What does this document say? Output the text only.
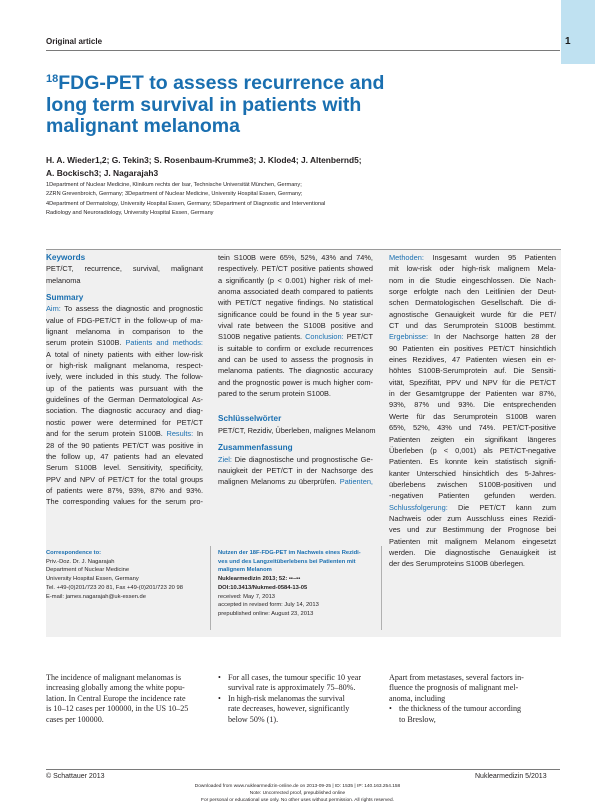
1
Original article
$^{18}$FDG-PET to assess recurrence and
long term survival in patients with
malignant melanoma
H. A. Wieder1,2; G. Tekin3; S. Rosenbaum-Krumme3; J. Klode4; J. Altenbernd5;
A. Bockisch3; J. Nagarajah3
1Department of Nuclear Medicine, Klinikum rechts der Isar, Technische Universität München, Germany;
2ZRN Grevenbroich, Germany; 3Department of Nuclear Medicine, University Hospital Essen, Germany;
4Department of Dermatology, University Hospital Essen, Germany; 5Department of Diagnostic and Interventional
Radiology and Neuroradiology, University Hospital Essen, Germany
Keywords

PET/CT, recurrence, survival, malignant

melanoma

Summary

Aim: To assess the diagnostic and prognostic

value of FDG-PET/CT in the follow-up of ma-

lignant melanoma in comparison to the

serum protein S100B. Patients and methods:

A total of ninety patients with either low-risk

or high-risk malignant melanoma, respect-

ively, were included in this study. The follow-

up of the patients was pursuant with the

guidelines of the German Dermatological As-

sociation. The diagnostic accuracy and diag-

nostic power were determined for PET/CT

and for the serum protein S100B. Results: In

28 of the 90 patients PET/CT was positive in

the follow up, 47 patients had an elevated

Serum S100B level. Sensitivity, specificity,

PPV and NPV of PET/CT for the total groups

of patients were 87%, 93%, 87% and 93%.

The corresponding values for the serum pro-

tein S100B were 65%, 52%, 43% and 74%,

respectively. PET/CT positive patients showed

a significantly (p < 0.001) higher risk of mel-

anoma associated death compared to patients

with PET/CT negative findings. No statistical

significance could be found in the 5 year sur-

vival rate between the S100B positive and

S100B negative patients. Conclusion: PET/CT

is suitable to confirm or exclude recurrences

and can be used to assess the prognosis in

melanoma patients. The diagnostic accuracy

and the prognostic power is much higher com-

pared to the serum protein S100B.

Schlüsselwörter

PET/CT, Rezidiv, Überleben, malignes Melanom

Zusammenfassung

Ziel: Die diagnostische und prognostische Ge-

nauigkeit der PET/CT in der Nachsorge des

malignen Melanoms zu überprüfen. Patienten,

Methoden: Insgesamt wurden 95 Patienten

mit low-risk oder high-risk malignem Mela-

nom in die Studie eingeschlossen. Die Nach-

sorge erfolgte nach den Leitlinien der Deut-

schen Dermatologischen Gesellschaft. Die di-

agnostische Genauigkeit wurde für die PET/

CT und das Serumprotein S100B bestimmt.

Ergebnisse: In der Nachsorge hatten 28 der

90 Patienten ein positives PET/CT hinsichtlich

eines Rezidives, 47 Patienten wiesen ein er-

höhtes S100B-Serumprotein auf. Die Sensiti-

vität, Spezifität, PPV und NPV für die PET/CT

in der Gesamtgruppe der Patienten war 87%,

93%, 87% und 93%. Die entsprechenden

Werte für das Serumprotein S100B waren

65%, 52%, 43% und 74%. PET/CT-positive

Patienten zeigten ein signifikant längeres

Überleben (p < 0,001) als PET/CT-negative

Patienten. Es konnte kein statistisch signifi-

kanter Unterschied hinsichtlich des 5-Jahres-

überlebens zwischen S100B-positiven und

-negativen Patienten gefunden werden.

Schlussfolgerung: Die PET/CT kann zum

Nachweis oder zum Ausschluss eines Rezidi-

ves und zur Bestimmung der Prognose bei

Patienten mit malignem Melanom eingesetzt

werden. Die diagnostische Genauigkeit ist

der des Serumproteins S100B überlegen.

Correspondence to:
Priv.-Doz. Dr. J. Nagarajah
Department of Nuclear Medicine
University Hospital Essen, Germany
Tel. +49-(0)201/723 20 81, Fax +49-(0)201/723 20 98
E-mail: james.nagarajah@uk-essen.de
Nutzen der 18F-FDG-PET im Nachweis eines Rezidi-
ves und des Langzeitüberlebens bei Patienten mit
malignem Melanom
Nuklearmedizin 2013; 52: ••–••
DOI:10.3413/Nukmed-0584-13-05
received: May 7, 2013
accepted in revised form: July 14, 2013
prepublished online: August 23, 2013
The incidence of malignant melanomas is
increasing globally among the white popu-
lation. In Central Europe the incidence rate
is 10–12 cases per 100000, in the US 10–25
cases per 100000.
• For all cases, the tumour specific 10 year
survival rate is approximately 75–80%.
• In high-risk melanomas the survival
rate decreases, however, significantly
below 50% (1).
Apart from metastases, several factors in-
fluence the prognosis of malignant mel-
anoma, including
• the thickness of the tumour according
to Breslow,
© Schattauer 2013	Nuklearmedizin 5/2013
Downloaded from www.nuklearmedizin-online.de on 2013-09-25 | ID: 1535 | IP: 140.163.254.158
Note: Uncorrected proof, prepublished online
For personal or educational use only. No other uses without permission. All rights reserved.
